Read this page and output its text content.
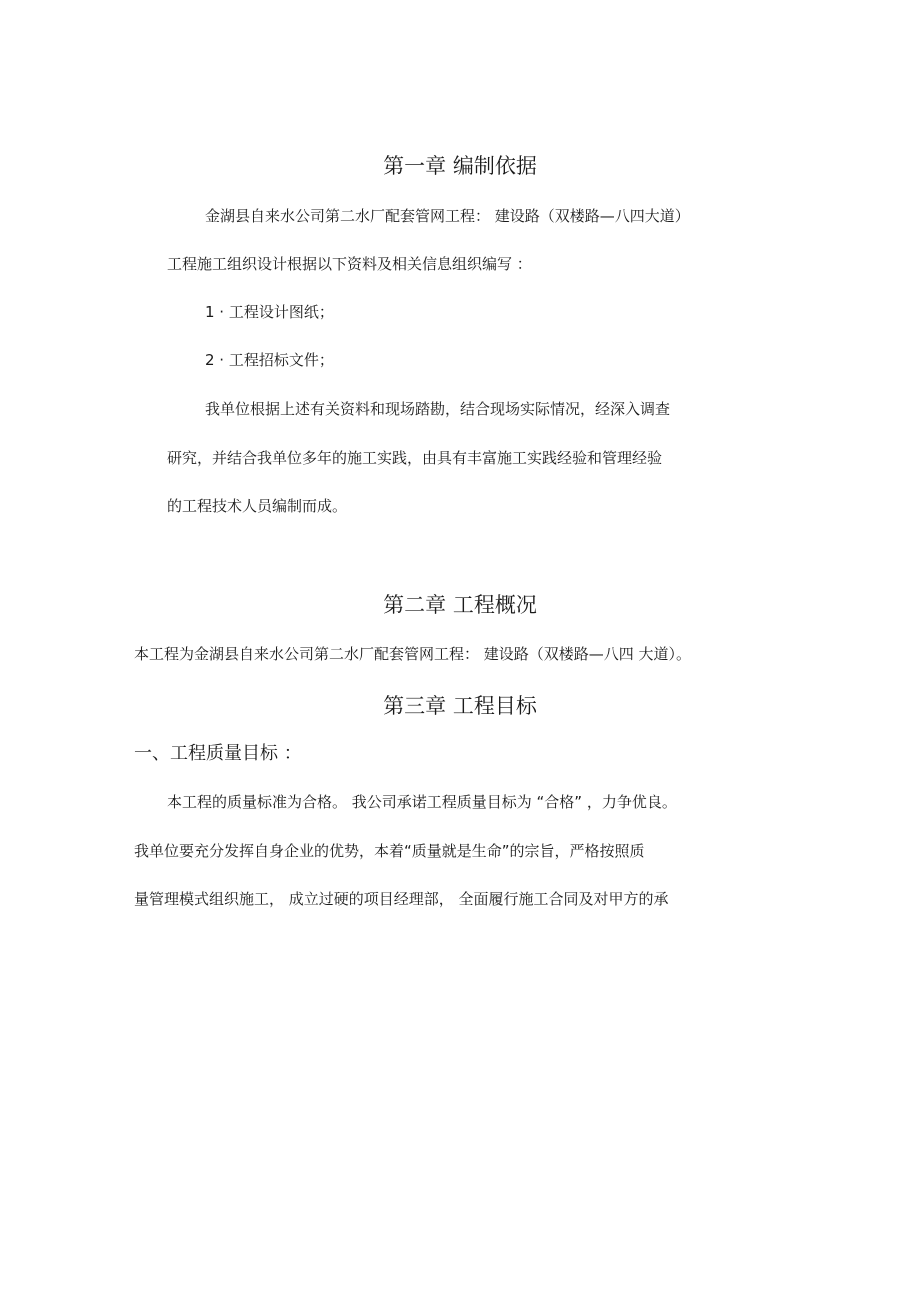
第一章 编制依据
金湖县自来水公司第二水厂配套管网工程： 建设路（双楼路—八四大道）
工程施工组织设计根据以下资料及相关信息组织编写 ：
1 · 工程设计图纸；
2 · 工程招标文件；
我单位根据上述有关资料和现场踏勘，结合现场实际情况，经深入调查
研究，并结合我单位多年的施工实践，由具有丰富施工实践经验和管理经验
的工程技术人员编制而成。
第二章 工程概况
本工程为金湖县自来水公司第二水厂配套管网工程： 建设路（双楼路—八四 大道）。
第三章 工程目标
一、工程质量目标 ：
本工程的质量标准为合格。 我公司承诺工程质量目标为 “合格” ，力争优良。
我单位要充分发挥自身企业的优势，本着“质量就是生命”的宗旨，严格按照质
量管理模式组织施工， 成立过硬的项目经理部， 全面履行施工合同及对甲方的承
